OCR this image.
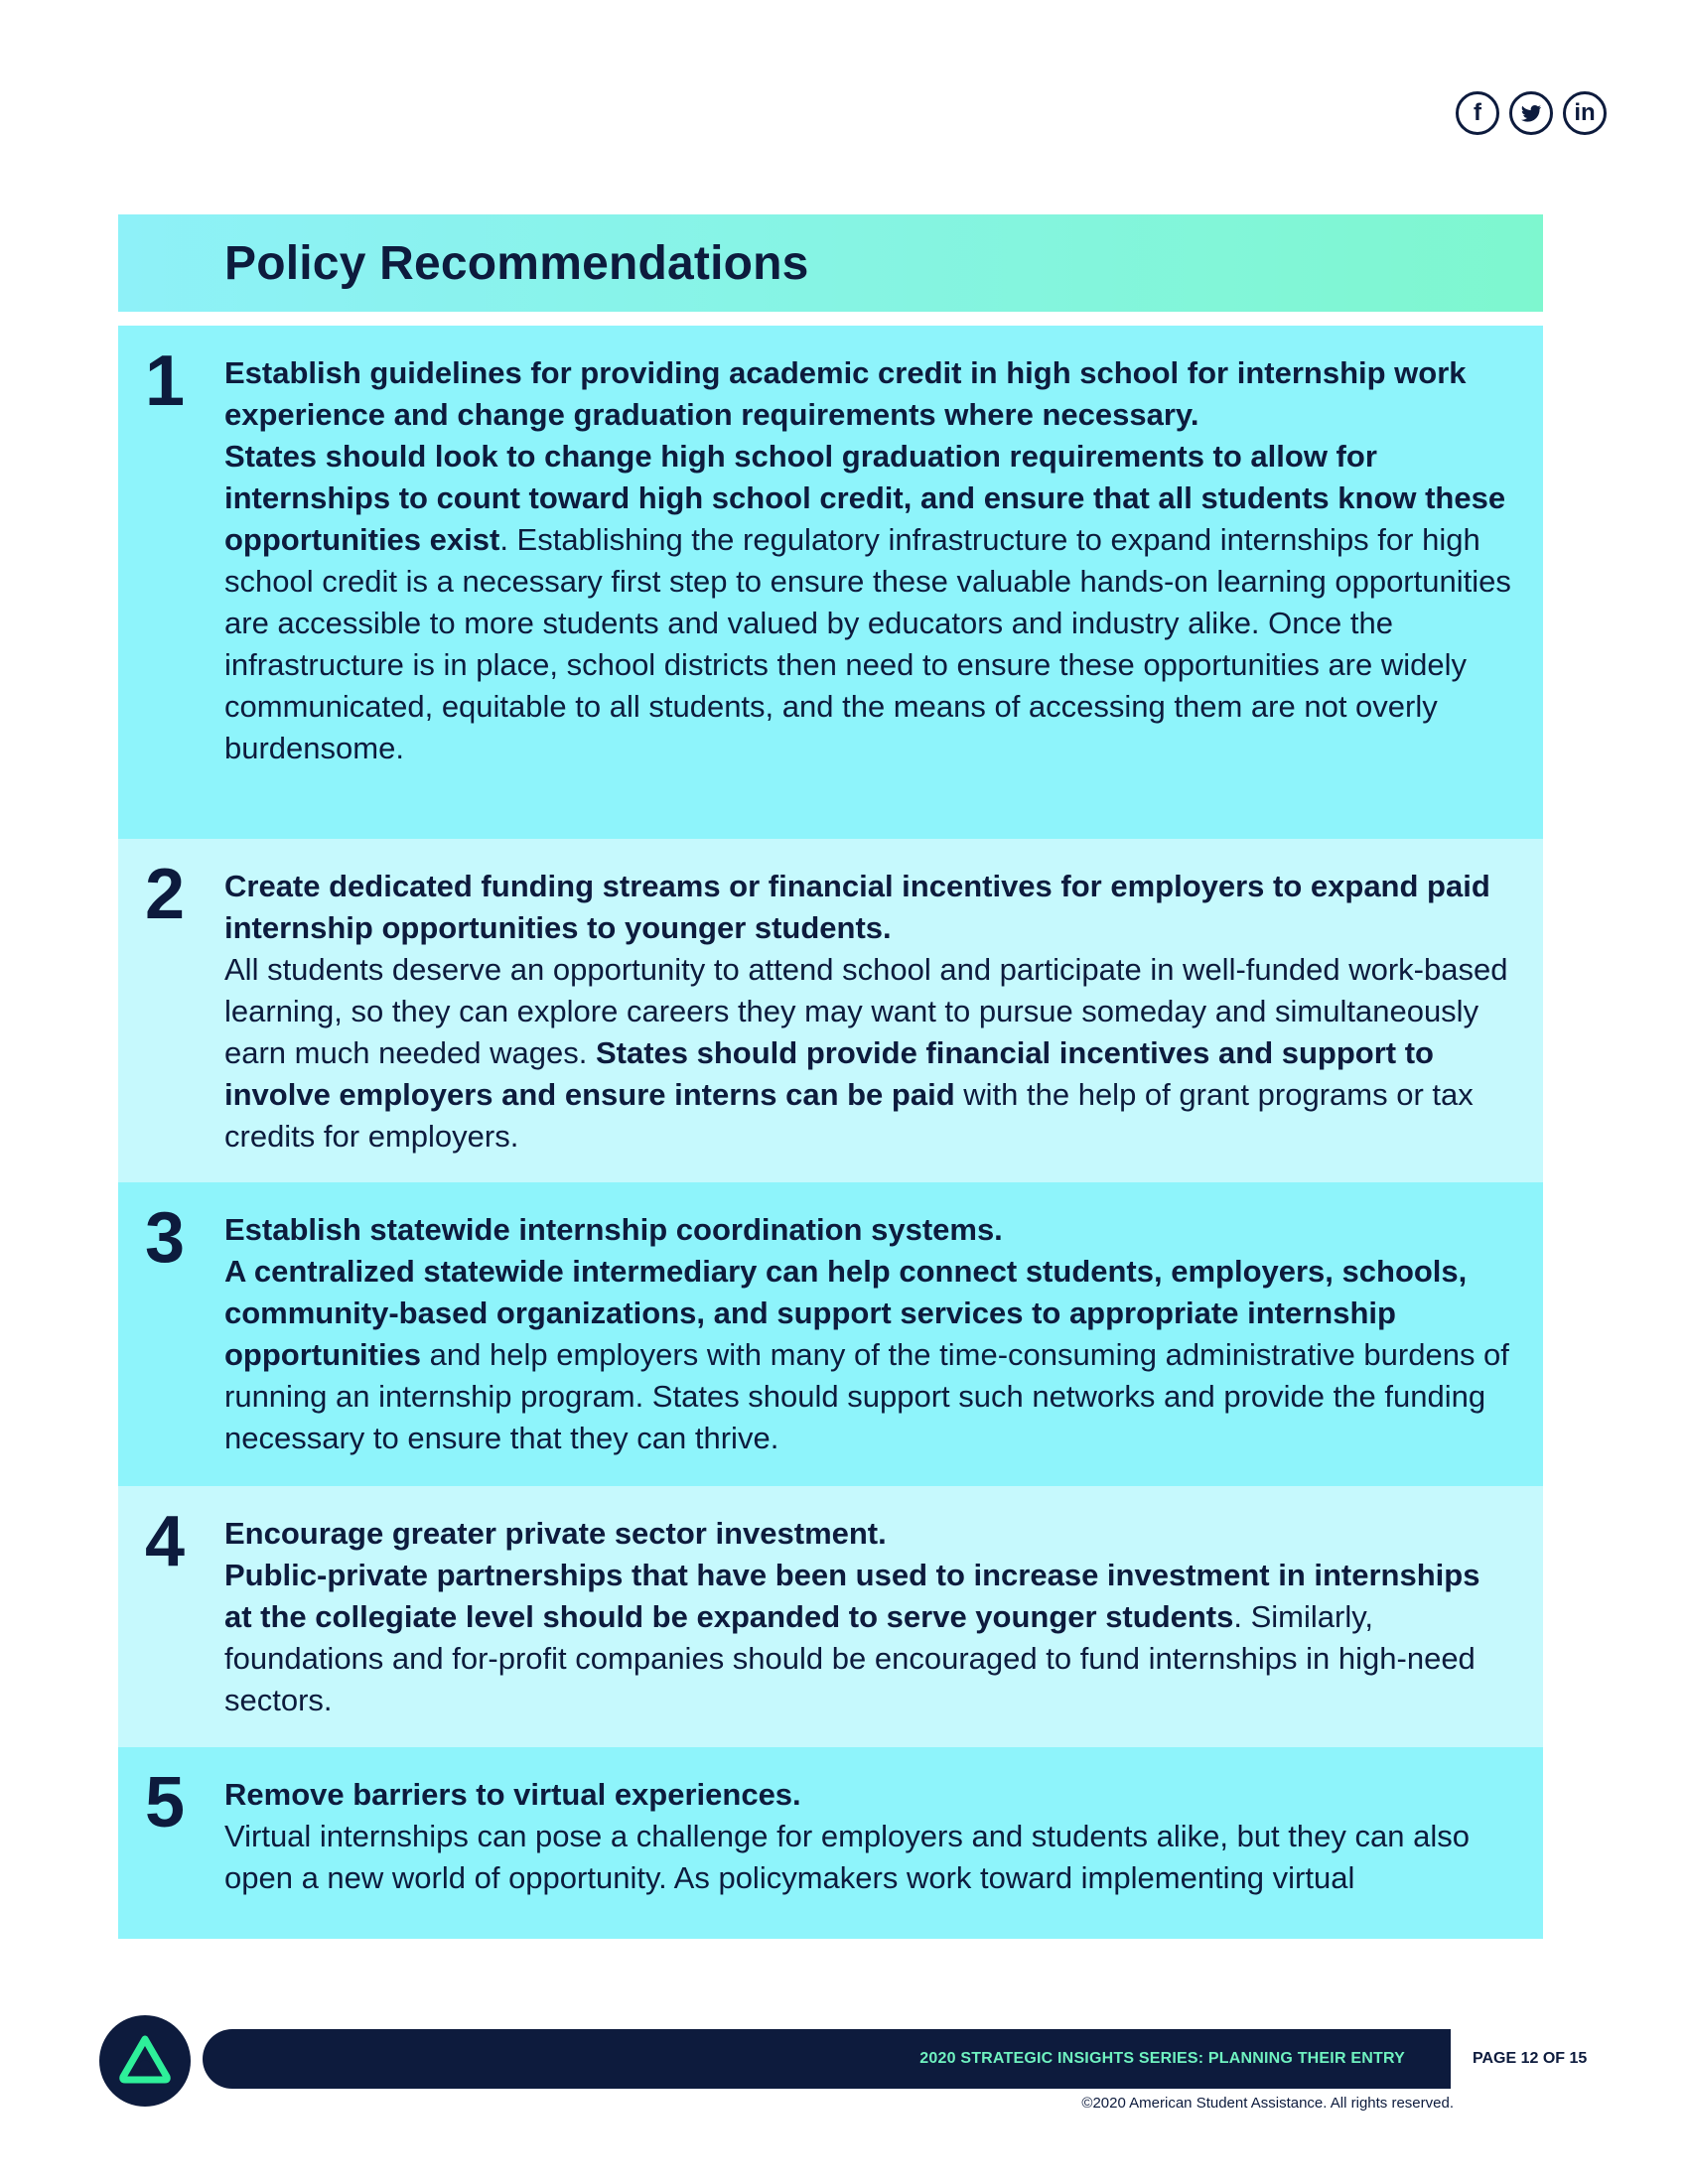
f	in
Policy Recommendations
1 Establish guidelines for providing academic credit in high school for internship work experience and change graduation requirements where necessary.

States should look to change high school graduation requirements to allow for internships to count toward high school credit, and ensure that all students know these opportunities exist. Establishing the regulatory infrastructure to expand internships for high school credit is a necessary first step to ensure these valuable hands-on learning opportunities are accessible to more students and valued by educators and industry alike. Once the infrastructure is in place, school districts then need to ensure these opportunities are widely communicated, equitable to all students, and the means of accessing them are not overly burdensome.

2 Create dedicated funding streams or financial incentives for employers to expand paid internship opportunities to younger students.

All students deserve an opportunity to attend school and participate in well-funded work-based learning, so they can explore careers they may want to pursue someday and simultaneously earn much needed wages. States should provide financial incentives and support to involve employers and ensure interns can be paid with the help of grant programs or tax credits for employers.

3 Establish statewide internship coordination systems.

A centralized statewide intermediary can help connect students, employers, schools, community-based organizations, and support services to appropriate internship opportunities and help employers with many of the time-consuming administrative burdens of running an internship program. States should support such networks and provide the funding necessary to ensure that they can thrive.

4 Encourage greater private sector investment.

Public-private partnerships that have been used to increase investment in internships at the collegiate level should be expanded to serve younger students. Similarly, foundations and for-profit companies should be encouraged to fund internships in high-need sectors.

5 Remove barriers to virtual experiences.

Virtual internships can pose a challenge for employers and students alike, but they can also open a new world of opportunity. As policymakers work toward implementing virtual

2020 STRATEGIC INSIGHTS SERIES: PLANNING THEIR ENTRY	PAGE 12 OF 15
©2020 American Student Assistance. All rights reserved.
